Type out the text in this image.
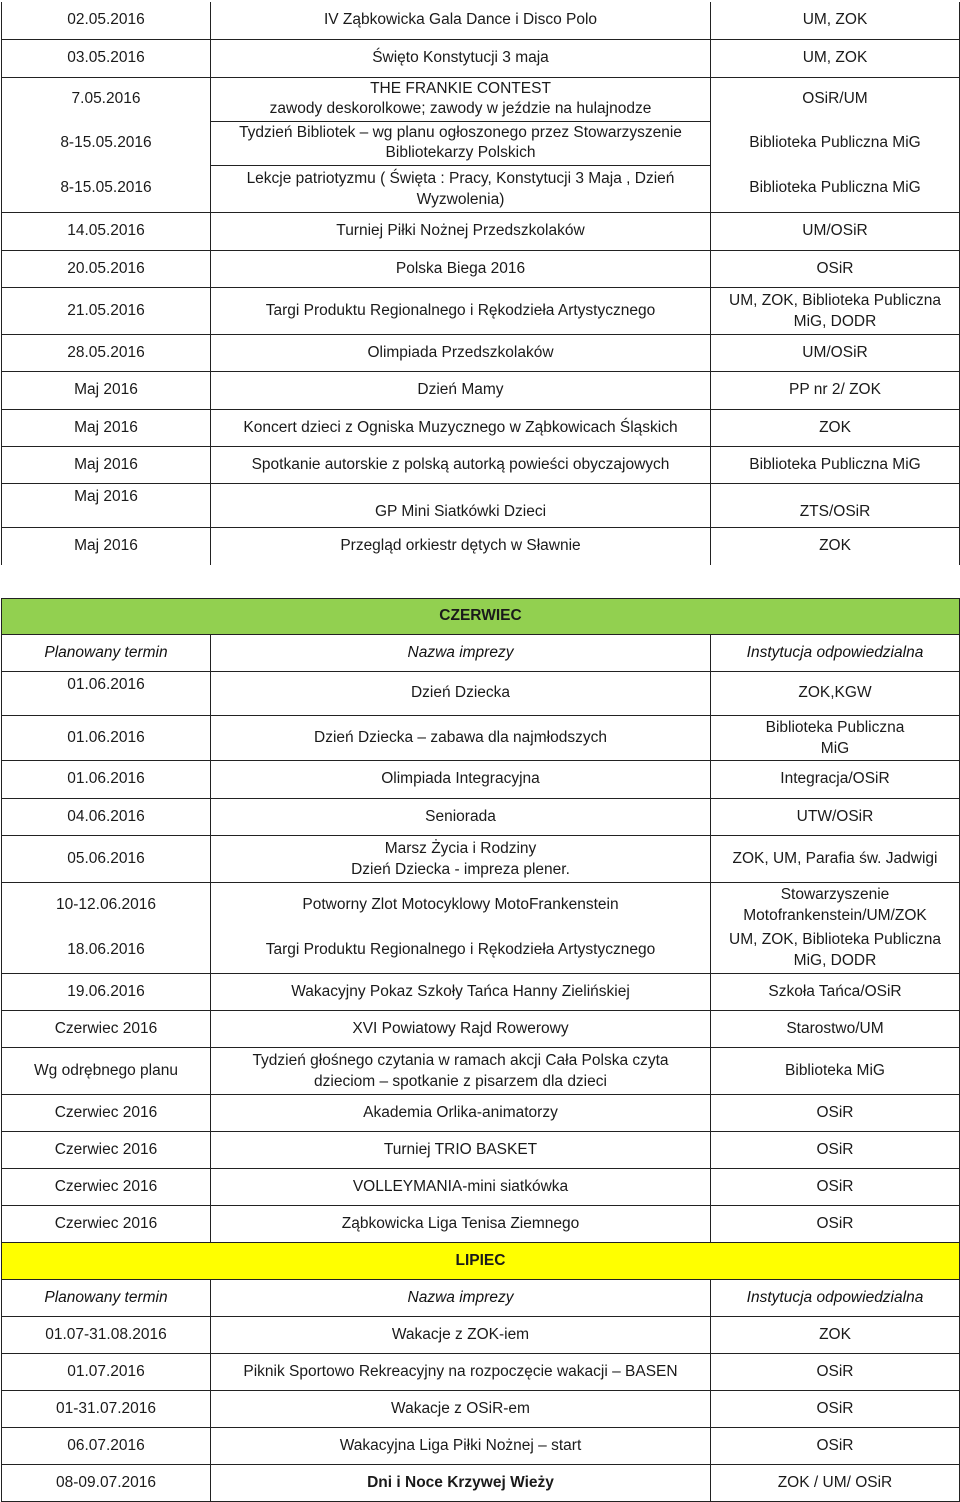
02.05.2016	IV Ząbkowicka Gala Dance i Disco Polo	UM, ZOK
03.05.2016	Święto Konstytucji 3 maja	UM, ZOK
7.05.2016	THE FRANKIE CONTEST
zawody deskorolkowe; zawody w jeździe na hulajnodze	OSiR/UM
8-15.05.2016	Tydzień Bibliotek – wg planu ogłoszonego przez Stowarzyszenie
Bibliotekarzy Polskich	Biblioteka Publiczna MiG
8-15.05.2016	Lekcje patriotyzmu ( Święta : Pracy, Konstytucji 3 Maja , Dzień
Wyzwolenia)	Biblioteka Publiczna MiG
14.05.2016	Turniej Piłki Nożnej Przedszkolaków	UM/OSiR
20.05.2016	Polska Biega 2016	OSiR
21.05.2016	Targi Produktu Regionalnego i Rękodzieła Artystycznego	UM, ZOK, Biblioteka Publiczna
MiG, DODR

28.05.2016	Olimpiada Przedszkolaków	UM/OSiR
Maj 2016	Dzień Mamy	PP nr 2/ ZOK
Maj 2016	Koncert dzieci z Ogniska Muzycznego w Ząbkowicach Śląskich	ZOK
Maj 2016	Spotkanie autorskie z polską autorką powieści obyczajowych	Biblioteka Publiczna MiG
Maj 2016	GP Mini Siatkówki Dzieci	ZTS/OSiR
Maj 2016	Przegląd orkiestr dętych w Sławnie	ZOK

CZERWIEC		
Planowany termin	Nazwa imprezy	Instytucja odpowiedzialna
01.06.2016	Dzień Dziecka	ZOK,KGW
01.06.2016	Dzień Dziecka – zabawa dla najmłodszych	Biblioteka Publiczna
MiG

01.06.2016	Olimpiada Integracyjna	Integracja/OSiR
04.06.2016	Seniorada	UTW/OSiR
05.06.2016	Marsz Życia i Rodziny
Dzień Dziecka - impreza plener.	ZOK, UM, Parafia św. Jadwigi
10-12.06.2016	Potworny Zlot Motocyklowy MotoFrankenstein	Stowarzyszenie
Motofrankenstein/UM/ZOK

18.06.2016	Targi Produktu Regionalnego i Rękodzieła Artystycznego	UM, ZOK, Biblioteka Publiczna
MiG, DODR

19.06.2016	Wakacyjny Pokaz Szkoły Tańca Hanny Zielińskiej	Szkoła Tańca/OSiR
Czerwiec 2016	XVI Powiatowy Rajd Rowerowy	Starostwo/UM
Wg odrębnego planu	Tydzień głośnego czytania w ramach akcji Cała Polska czyta
dzieciom – spotkanie z pisarzem dla dzieci	Biblioteka MiG
Czerwiec 2016	Akademia Orlika-animatorzy	OSiR
Czerwiec 2016	Turniej TRIO BASKET	OSiR
Czerwiec 2016	VOLLEYMANIA-mini siatkówka	OSiR
Czerwiec 2016	Ząbkowicka Liga Tenisa Ziemnego	OSiR
LIPIEC		
Planowany termin	Nazwa imprezy	Instytucja odpowiedzialna
01.07-31.08.2016	Wakacje z ZOK-iem	ZOK
01.07.2016	Piknik Sportowo Rekreacyjny na rozpoczęcie wakacji – BASEN	OSiR
01-31.07.2016	Wakacje z OSiR-em	OSiR
06.07.2016	Wakacyjna Liga Piłki Nożnej – start	OSiR
08-09.07.2016	Dni i Noce Krzywej Wieży	ZOK / UM/ OSiR
